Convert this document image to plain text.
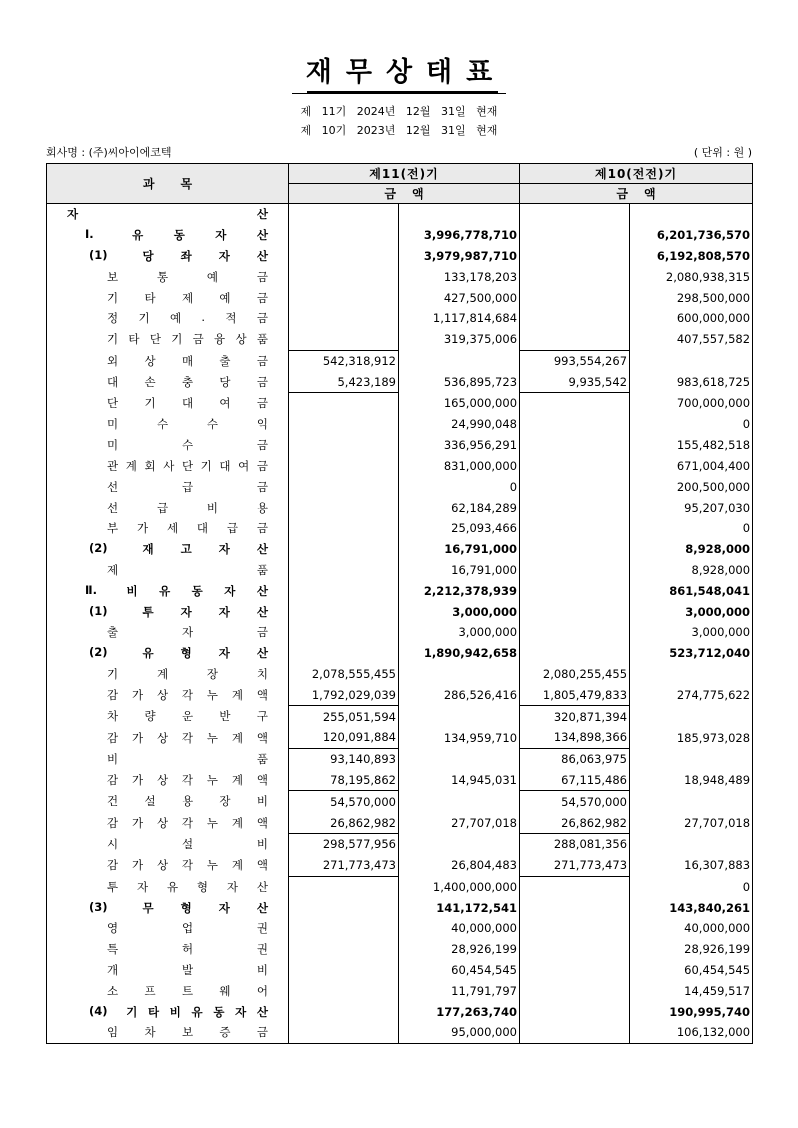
재무상태표
제 11기 2024년 12월 31일 현재
제 10기 2023년 12월 31일 현재
회사명 : (주)씨아이에코텍	( 단위 : 원 )
과목	제11(전)기		제10(전전)기	
	금액		금액	

자 산				

Ⅰ. 유 동 자 산		3,996,778,710		6,201,736,570

(1) 당 좌 자 산		3,979,987,710		6,192,808,570

보 통 예 금		133,178,203		2,080,938,315

기 타 제 예 금		427,500,000		298,500,000

정 기 예 . 적 금		1,117,814,684		600,000,000

기 타 단 기 금 융 상 품		319,375,006		407,557,582

외 상 매 출 금	542,318,912		993,554,267	

대 손 충 당 금	5,423,189	536,895,723	9,935,542	983,618,725

단 기 대 여 금		165,000,000		700,000,000

미 수 수 익		24,990,048		0

미 수 금		336,956,291		155,482,518

관 계 회 사 단 기 대 여 금		831,000,000		671,004,400

선 급 금		0		200,500,000

선 급 비 용		62,184,289		95,207,030

부 가 세 대 급 금		25,093,466		0

(2) 재 고 자 산		16,791,000		8,928,000

제 품		16,791,000		8,928,000

Ⅱ.	비 유 동 자 산		2,212,378,939		861,548,041

(1) 투 자 자 산		3,000,000		3,000,000

출 자 금		3,000,000		3,000,000

(2) 유 형 자 산		1,890,942,658		523,712,040

기 계 장 치	2,078,555,455		2,080,255,455	

감 가 상 각 누 계 액	1,792,029,039	286,526,416	1,805,479,833	274,775,622

차 량 운 반 구	255,051,594		320,871,394	

감 가 상 각 누 계 액	120,091,884	134,959,710	134,898,366	185,973,028

비 품	93,140,893		86,063,975	

감 가 상 각 누 계 액	78,195,862	14,945,031	67,115,486	18,948,489

건 설 용 장 비	54,570,000		54,570,000	

감 가 상 각 누 계 액	26,862,982	27,707,018	26,862,982	27,707,018

시 설 비	298,577,956		288,081,356	

감 가 상 각 누 계 액	271,773,473	26,804,483	271,773,473	16,307,883

투 자 유 형 자 산		1,400,000,000		0

(3) 무 형 자 산		141,172,541		143,840,261

영 업 권		40,000,000		40,000,000

특 허 권		28,926,199		28,926,199

개 발 비		60,454,545		60,454,545

소 프 트 웨 어		11,791,797		14,459,517

(4) 기 타 비 유 동 자 산		177,263,740		190,995,740

임 차 보 증 금		95,000,000		106,132,000
